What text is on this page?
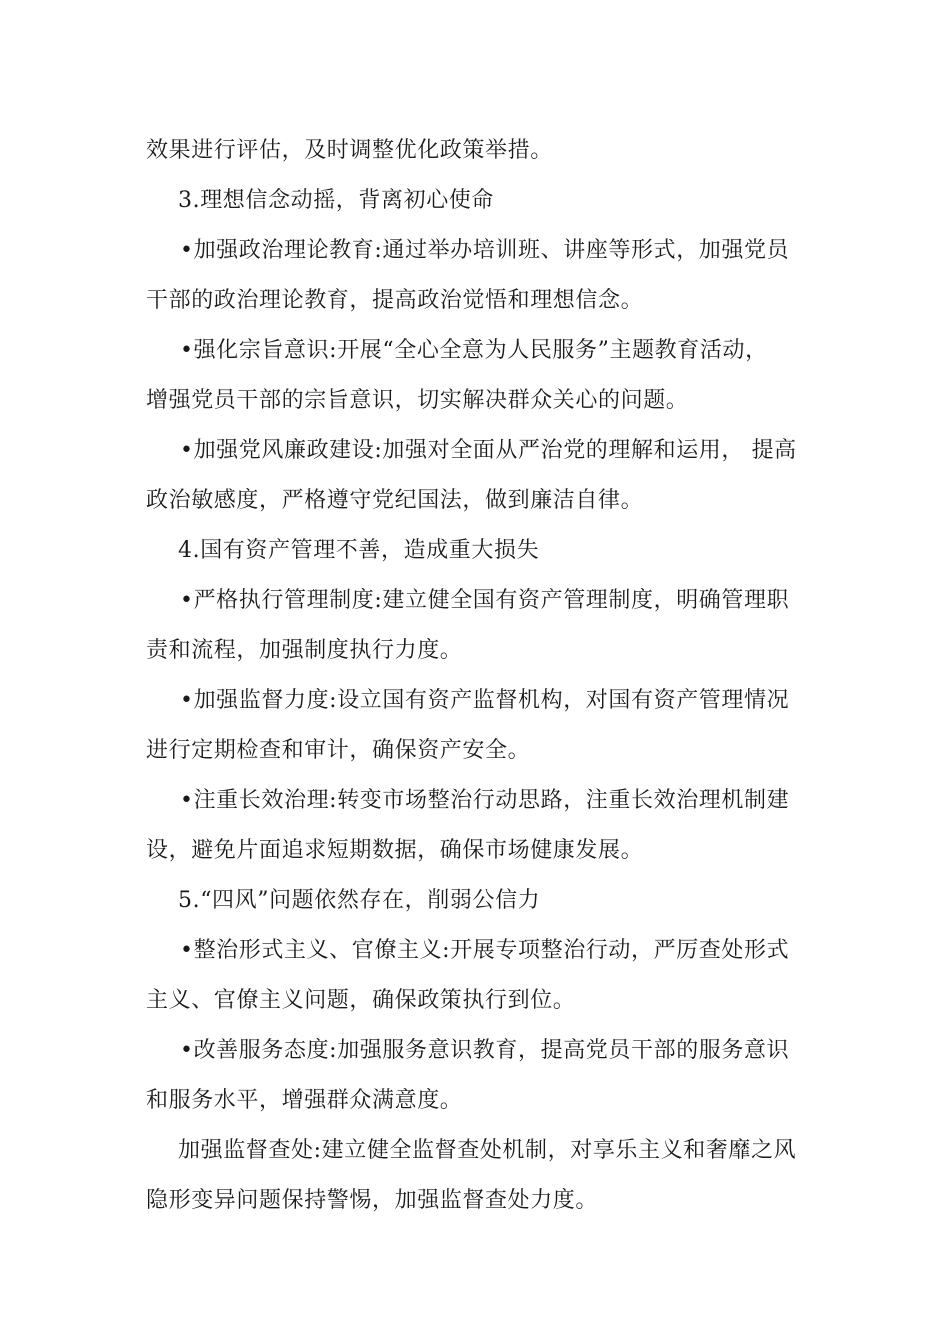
效果进行评估，及时调整优化政策举措。
3.理想信念动摇，背离初心使命
•加强政治理论教育:通过举办培训班、讲座等形式，加强党员
干部的政治理论教育，提高政治觉悟和理想信念。
•强化宗旨意识:开展“全心全意为人民服务”主题教育活动，
增强党员干部的宗旨意识，切实解决群众关心的问题。
•加强党风廉政建设:加强对全面从严治党的理解和运用， 提高
政治敏感度，严格遵守党纪国法，做到廉洁自律。
4.国有资产管理不善，造成重大损失
•严格执行管理制度:建立健全国有资产管理制度，明确管理职
责和流程，加强制度执行力度。
•加强监督力度:设立国有资产监督机构，对国有资产管理情况
进行定期检查和审计，确保资产安全。
•注重长效治理:转变市场整治行动思路，注重长效治理机制建
设，避免片面追求短期数据，确保市场健康发展。
5.“四风”问题依然存在，削弱公信力
•整治形式主义、官僚主义:开展专项整治行动，严厉查处形式
主义、官僚主义问题，确保政策执行到位。
•改善服务态度:加强服务意识教育，提高党员干部的服务意识
和服务水平，增强群众满意度。
加强监督查处:建立健全监督查处机制，对享乐主义和奢靡之风
隐形变异问题保持警惕，加强监督查处力度。
